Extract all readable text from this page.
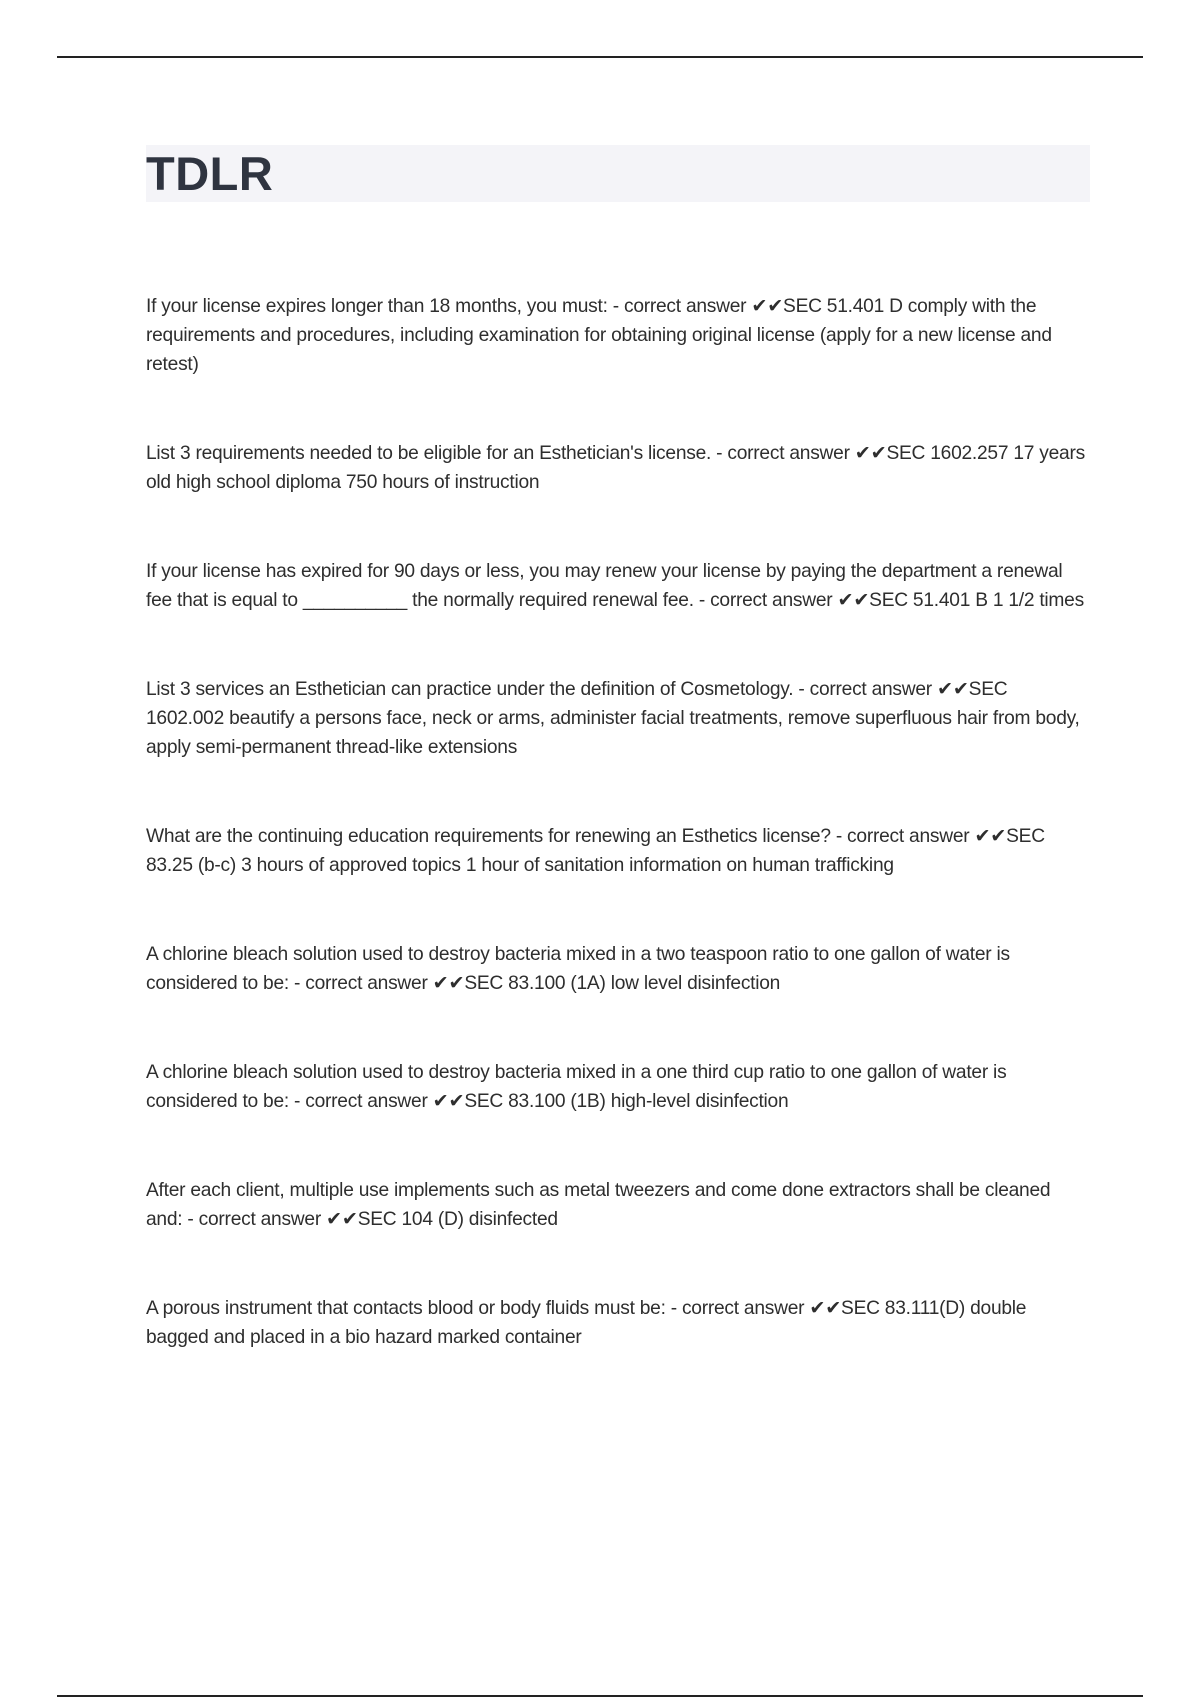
TDLR

If your license expires longer than 18 months, you must: - correct answer ✔✔SEC 51.401 D comply with the requirements and procedures, including examination for obtaining original license (apply for a new license and retest)

List 3 requirements needed to be eligible for an Esthetician's license. - correct answer ✔✔SEC 1602.257 17 years old high school diploma 750 hours of instruction

If your license has expired for 90 days or less, you may renew your license by paying the department a renewal fee that is equal to __________ the normally required renewal fee. - correct answer ✔✔SEC 51.401 B 1 1/2 times

List 3 services an Esthetician can practice under the definition of Cosmetology. - correct answer ✔✔SEC 1602.002 beautify a persons face, neck or arms, administer facial treatments, remove superfluous hair from body, apply semi-permanent thread-like extensions

What are the continuing education requirements for renewing an Esthetics license? - correct answer ✔✔SEC 83.25 (b-c) 3 hours of approved topics 1 hour of sanitation information on human trafficking

A chlorine bleach solution used to destroy bacteria mixed in a two teaspoon ratio to one gallon of water is considered to be: - correct answer ✔✔SEC 83.100 (1A) low level disinfection

A chlorine bleach solution used to destroy bacteria mixed in a one third cup ratio to one gallon of water is considered to be: - correct answer ✔✔SEC 83.100 (1B) high-level disinfection

After each client, multiple use implements such as metal tweezers and come done extractors shall be cleaned and: - correct answer ✔✔SEC 104 (D) disinfected

A porous instrument that contacts blood or body fluids must be: - correct answer ✔✔SEC 83.111(D) double bagged and placed in a bio hazard marked container
